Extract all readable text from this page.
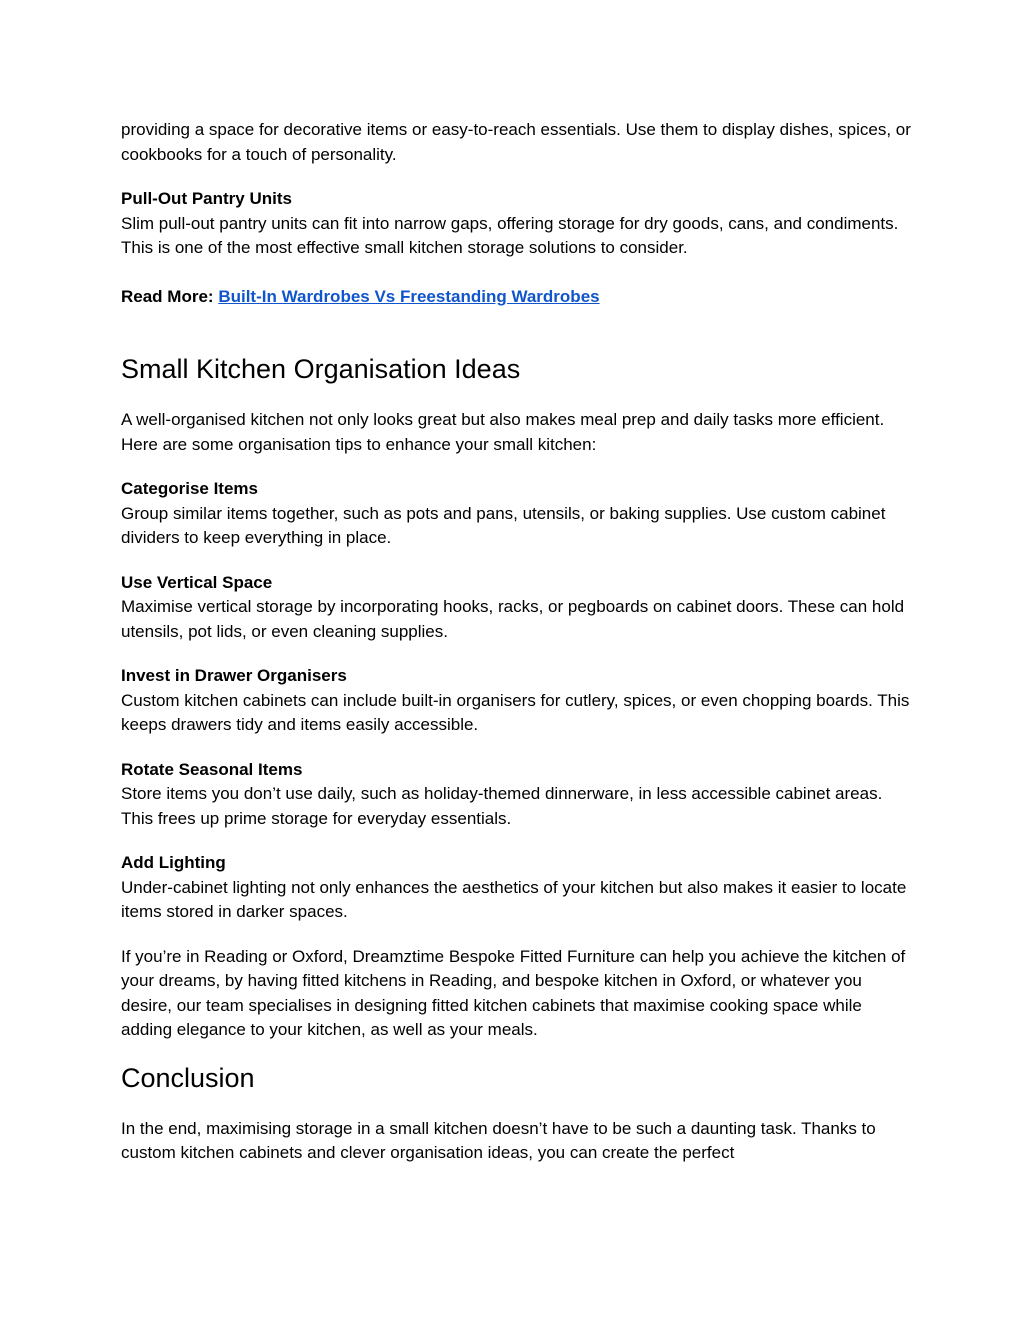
providing a space for decorative items or easy-to-reach essentials. Use them to display dishes, spices, or cookbooks for a touch of personality.

Pull-Out Pantry Units
Slim pull-out pantry units can fit into narrow gaps, offering storage for dry goods, cans, and condiments. This is one of the most effective small kitchen storage solutions to consider.

Read More: Built-In Wardrobes Vs Freestanding Wardrobes

Small Kitchen Organisation Ideas

A well-organised kitchen not only looks great but also makes meal prep and daily tasks more efficient. Here are some organisation tips to enhance your small kitchen:

Categorise Items
Group similar items together, such as pots and pans, utensils, or baking supplies. Use custom cabinet dividers to keep everything in place.

Use Vertical Space
Maximise vertical storage by incorporating hooks, racks, or pegboards on cabinet doors. These can hold utensils, pot lids, or even cleaning supplies.

Invest in Drawer Organisers
Custom kitchen cabinets can include built-in organisers for cutlery, spices, or even chopping boards. This keeps drawers tidy and items easily accessible.

Rotate Seasonal Items
Store items you don’t use daily, such as holiday-themed dinnerware, in less accessible cabinet areas. This frees up prime storage for everyday essentials.

Add Lighting
Under-cabinet lighting not only enhances the aesthetics of your kitchen but also makes it easier to locate items stored in darker spaces.

If you’re in Reading or Oxford, Dreamztime Bespoke Fitted Furniture can help you achieve the kitchen of your dreams, by having fitted kitchens in Reading, and bespoke kitchen in Oxford, or whatever you desire, our team specialises in designing fitted kitchen cabinets that maximise cooking space while adding elegance to your kitchen, as well as your meals.

Conclusion

In the end, maximising storage in a small kitchen doesn’t have to be such a daunting task. Thanks to custom kitchen cabinets and clever organisation ideas, you can create the perfect
